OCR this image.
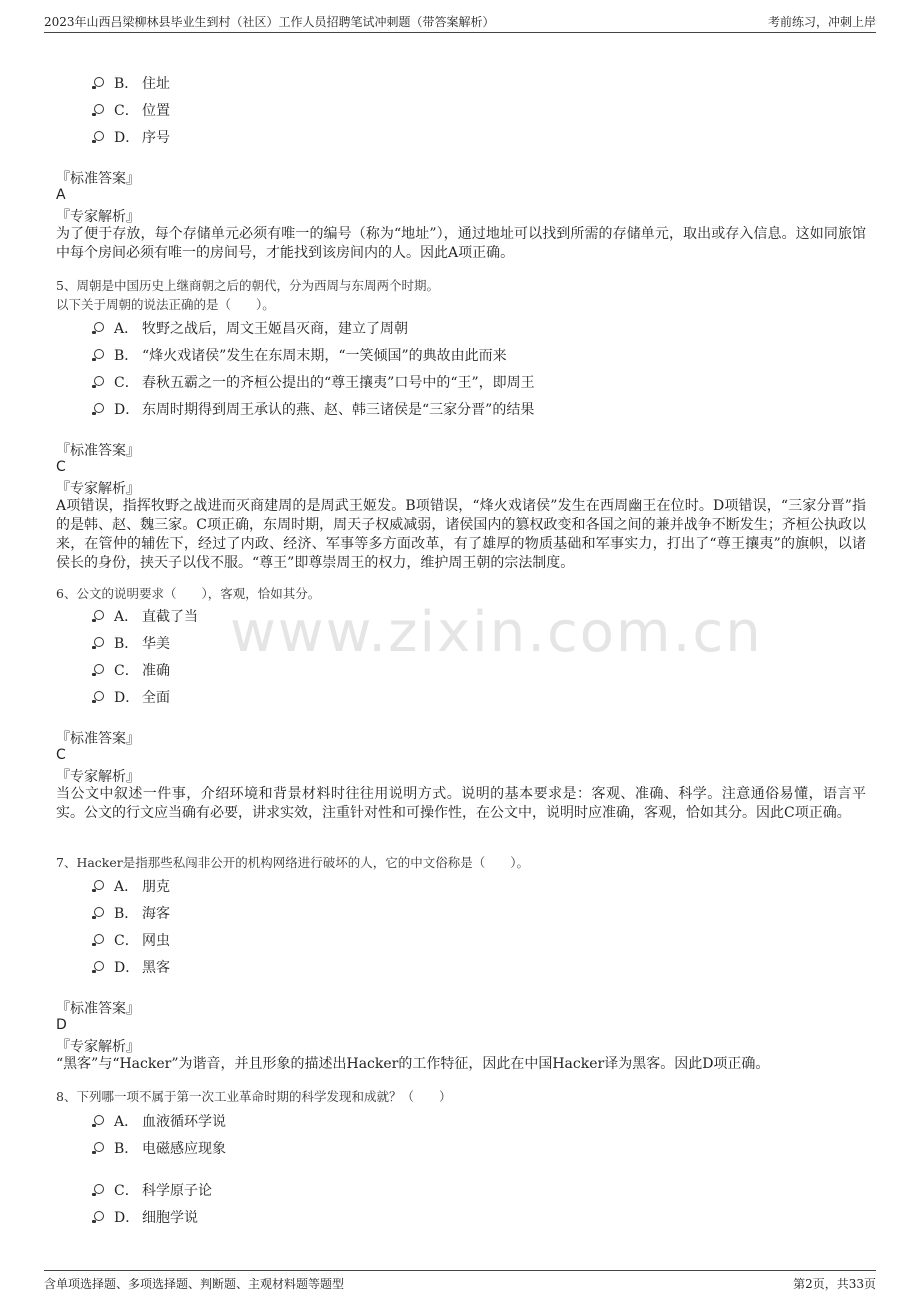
2023年山西吕梁柳林县毕业生到村（社区）工作人员招聘笔试冲刺题（带答案解析）	考前练习，冲刺上岸
www.zixin.com.cn
B． 住址
C． 位置
D． 序号
『标准答案』
A
『专家解析』
为了便于存放，每个存储单元必须有唯一的编号（称为“地址”），通过地址可以找到所需的存储单元，取出或存入信息。这如同旅馆中每个房间必须有唯一的房间号，才能找到该房间内的人。因此A项正确。
5、周朝是中国历史上继商朝之后的朝代，分为西周与东周两个时期。
以下关于周朝的说法正确的是（　　）。
A． 牧野之战后，周文王姬昌灭商，建立了周朝
B． “烽火戏诸侯”发生在东周末期，“一笑倾国”的典故由此而来
C． 春秋五霸之一的齐桓公提出的“尊王攘夷”口号中的“王”，即周王
D． 东周时期得到周王承认的燕、赵、韩三诸侯是“三家分晋”的结果
『标准答案』
C
『专家解析』
A项错误，指挥牧野之战进而灭商建周的是周武王姬发。B项错误，“烽火戏诸侯”发生在西周幽王在位时。D项错误，“三家分晋”指的是韩、赵、魏三家。C项正确，东周时期，周天子权威减弱，诸侯国内的篡权政变和各国之间的兼并战争不断发生；齐桓公执政以来，在管仲的辅佐下，经过了内政、经济、军事等多方面改革，有了雄厚的物质基础和军事实力，打出了“尊王攘夷”的旗帜，以诸侯长的身份，挟天子以伐不服。“尊王”即尊崇周王的权力，维护周王朝的宗法制度。
6、公文的说明要求（　　），客观，恰如其分。
A． 直截了当
B． 华美
C． 准确
D． 全面
『标准答案』
C
『专家解析』
当公文中叙述一件事，介绍环境和背景材料时往往用说明方式。说明的基本要求是：客观、准确、科学。注意通俗易懂，语言平实。公文的行文应当确有必要，讲求实效，注重针对性和可操作性，在公文中，说明时应准确，客观，恰如其分。因此C项正确。
7、Hacker是指那些私闯非公开的机构网络进行破坏的人，它的中文俗称是（　　）。
A． 朋克
B． 海客
C． 网虫
D． 黑客
『标准答案』
D
『专家解析』
“黑客”与“Hacker”为谐音，并且形象的描述出Hacker的工作特征，因此在中国Hacker译为黑客。因此D项正确。
8、下列哪一项不属于第一次工业革命时期的科学发现和成就？（　　）
A． 血液循环学说
B． 电磁感应现象
C． 科学原子论
D． 细胞学说
含单项选择题、多项选择题、判断题、主观材料题等题型	第2页，共33页
